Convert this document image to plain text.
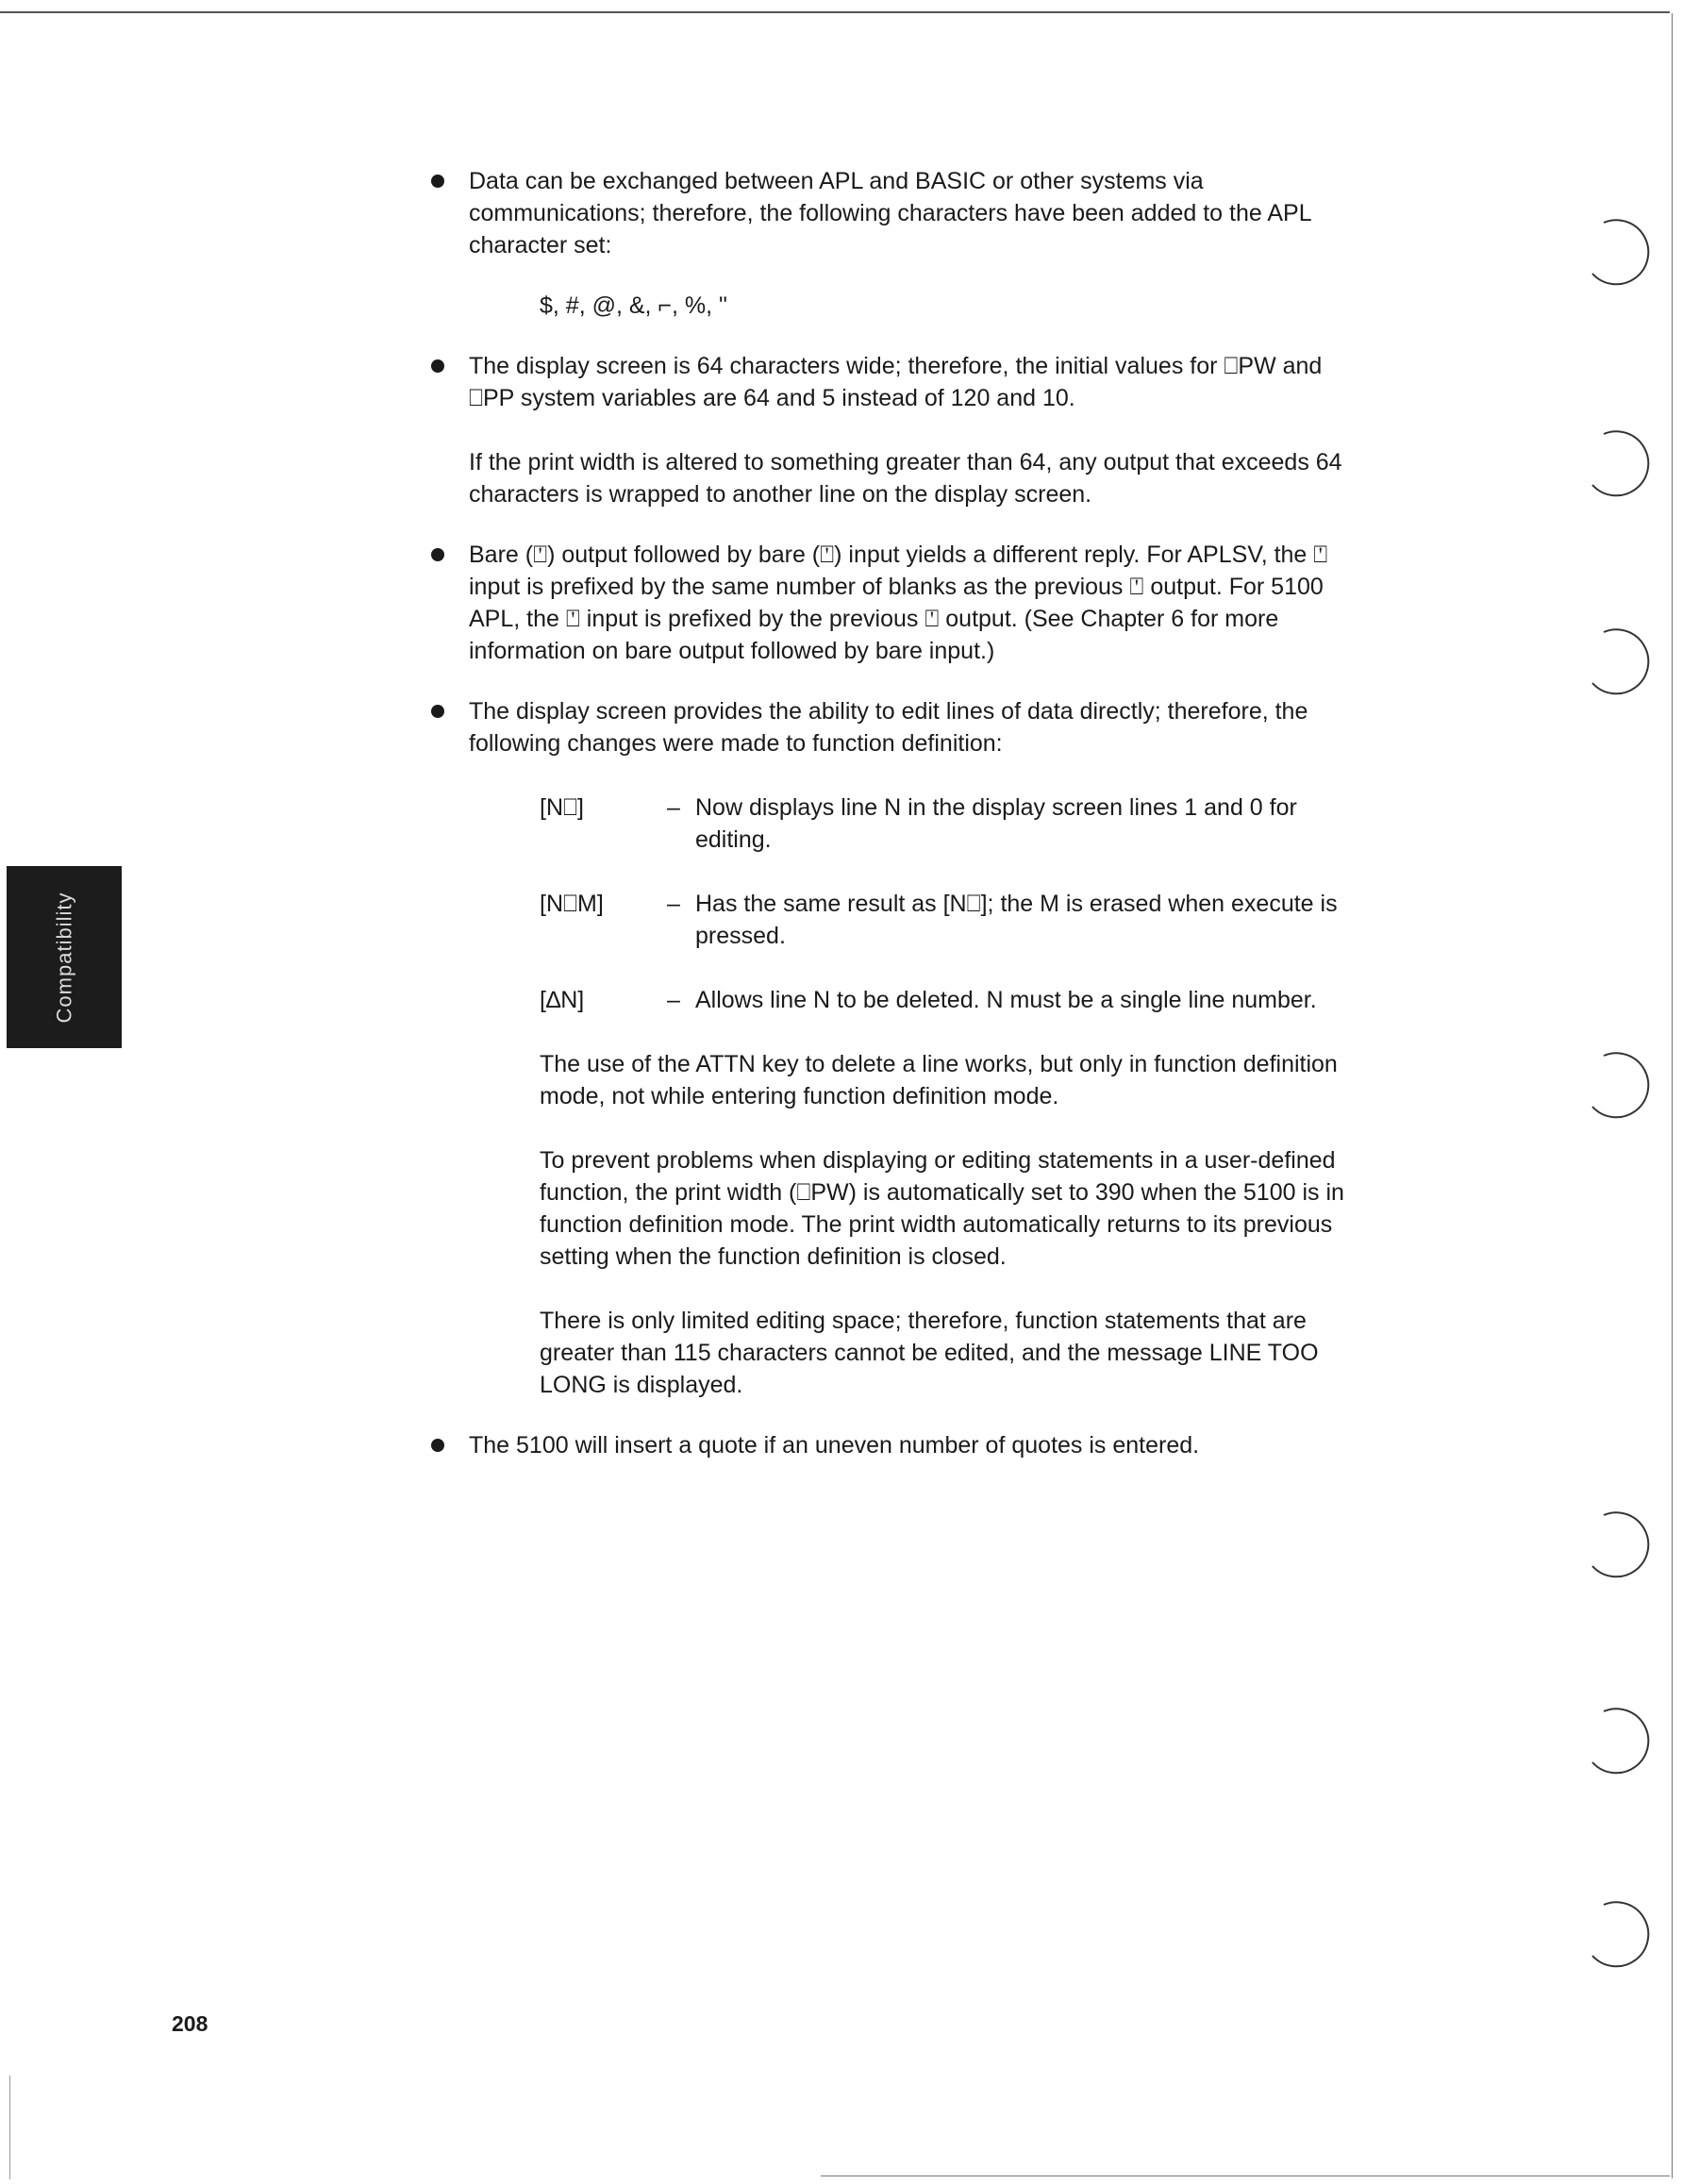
Compatibility

Data can be exchanged between APL and BASIC or other systems via communications; therefore, the following characters have been added to the APL character set:

$, #, @, &, ⌐, %, "

The display screen is 64 characters wide; therefore, the initial values for ⎕PW and ⎕PP system variables are 64 and 5 instead of 120 and 10.

If the print width is altered to something greater than 64, any output that exceeds 64 characters is wrapped to another line on the display screen.

Bare (⍞) output followed by bare (⍞) input yields a different reply. For APLSV, the ⍞ input is prefixed by the same number of blanks as the previous ⍞ output. For 5100 APL, the ⍞ input is prefixed by the previous ⍞ output. (See Chapter 6 for more information on bare output followed by bare input.)

The display screen provides the ability to edit lines of data directly; therefore, the following changes were made to function definition:

[N⎕]	– Now displays line N in the display screen lines 1 and 0 for editing.
[N⎕M]	– Has the same result as [N⎕]; the M is erased when execute is pressed.
[∆N]	– Allows line N to be deleted. N must be a single line number.

The use of the ATTN key to delete a line works, but only in function definition mode, not while entering function definition mode.

To prevent problems when displaying or editing statements in a user-defined function, the print width (⎕PW) is automatically set to 390 when the 5100 is in function definition mode. The print width automatically returns to its previous setting when the function definition is closed.

There is only limited editing space; therefore, function statements that are greater than 115 characters cannot be edited, and the message LINE TOO LONG is displayed.

The 5100 will insert a quote if an uneven number of quotes is entered.

208
